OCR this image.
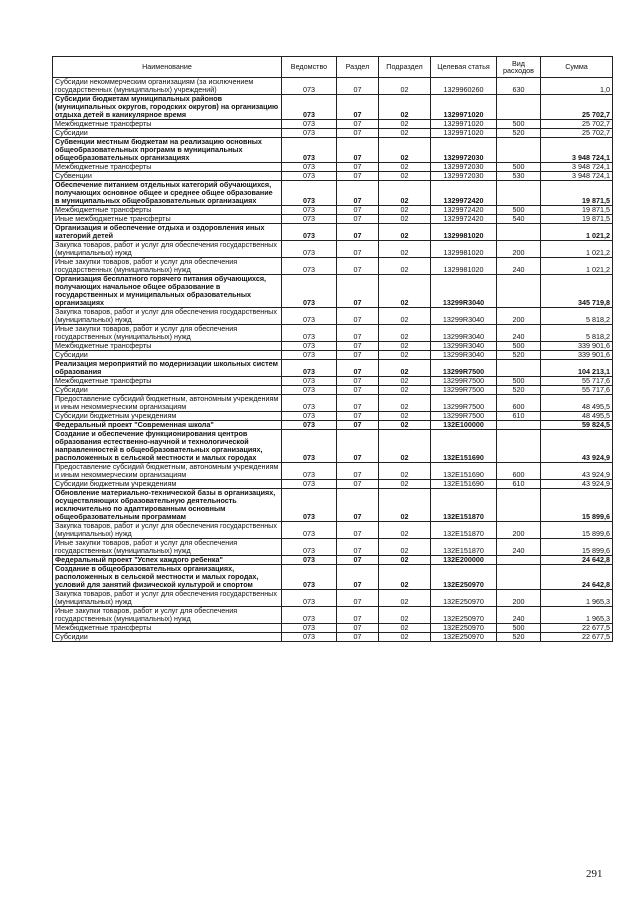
Наименование	Ведомство	Раздел	Подраздел	Целевая статья	Вид расходов	Сумма
Субсидии некоммерческим организациям (за исключением государственных (муниципальных) учреждений)	073	07	02	1329960260	630	1,0
Субсидии бюджетам муниципальных районов (муниципальных округов, городских округов) на организацию отдыха детей в каникулярное время	073	07	02	1329971020		25 702,7
Межбюджетные трансферты	073	07	02	1329971020	500	25 702,7
Субсидии	073	07	02	1329971020	520	25 702,7
Субвенции местным бюджетам на реализацию основных общеобразовательных программ в муниципальных общеобразовательных организациях	073	07	02	1329972030		3 948 724,1
Межбюджетные трансферты	073	07	02	1329972030	500	3 948 724,1
Субвенции	073	07	02	1329972030	530	3 948 724,1
Обеспечение питанием отдельных категорий обучающихся, получающих основное общее и среднее общее образование в муниципальных общеобразовательных организациях	073	07	02	1329972420		19 871,5
Межбюджетные трансферты	073	07	02	1329972420	500	19 871,5
Иные межбюджетные трансферты	073	07	02	1329972420	540	19 871,5
Организация и обеспечение отдыха и оздоровления иных категорий детей	073	07	02	1329981020		1 021,2
Закупка товаров, работ и услуг для обеспечения государственных (муниципальных) нужд	073	07	02	1329981020	200	1 021,2
Иные закупки товаров, работ и услуг для обеспечения государственных (муниципальных) нужд	073	07	02	1329981020	240	1 021,2
Организация бесплатного горячего питания обучающихся, получающих начальное общее образование в государственных и муниципальных образовательных организациях	073	07	02	13299R3040		345 719,8
Закупка товаров, работ и услуг для обеспечения государственных (муниципальных) нужд	073	07	02	13299R3040	200	5 818,2
Иные закупки товаров, работ и услуг для обеспечения государственных (муниципальных) нужд	073	07	02	13299R3040	240	5 818,2
Межбюджетные трансферты	073	07	02	13299R3040	500	339 901,6
Субсидии	073	07	02	13299R3040	520	339 901,6
Реализация мероприятий по модернизации школьных систем образования	073	07	02	13299R7500		104 213,1
Межбюджетные трансферты	073	07	02	13299R7500	500	55 717,6
Субсидии	073	07	02	13299R7500	520	55 717,6
Предоставление субсидий бюджетным, автономным учреждениям и иным некоммерческим организациям	073	07	02	13299R7500	600	48 495,5
Субсидии бюджетным учреждениям	073	07	02	13299R7500	610	48 495,5
Федеральный проект "Современная школа"	073	07	02	132E100000		59 824,5
Создание и обеспечение функционирования центров образования естественно-научной и технологической направленностей в общеобразовательных организациях, расположенных в сельской местности и малых городах	073	07	02	132E151690		43 924,9
Предоставление субсидий бюджетным, автономным учреждениям и иным некоммерческим организациям	073	07	02	132E151690	600	43 924,9
Субсидии бюджетным учреждениям	073	07	02	132E151690	610	43 924,9
Обновление материально-технической базы в организациях, осуществляющих образовательную деятельность исключительно по адаптированным основным общеобразовательным программам	073	07	02	132E151870		15 899,6
Закупка товаров, работ и услуг для обеспечения государственных (муниципальных) нужд	073	07	02	132E151870	200	15 899,6
Иные закупки товаров, работ и услуг для обеспечения государственных (муниципальных) нужд	073	07	02	132E151870	240	15 899,6
Федеральный проект "Успех каждого ребенка"	073	07	02	132E200000		24 642,8
Создание в общеобразовательных организациях, расположенных в сельской местности и малых городах, условий для занятий физической культурой и спортом	073	07	02	132E250970		24 642,8
Закупка товаров, работ и услуг для обеспечения государственных (муниципальных) нужд	073	07	02	132E250970	200	1 965,3
Иные закупки товаров, работ и услуг для обеспечения государственных (муниципальных) нужд	073	07	02	132E250970	240	1 965,3
Межбюджетные трансферты	073	07	02	132E250970	500	22 677,5
Субсидии	073	07	02	132E250970	520	22 677,5
291
